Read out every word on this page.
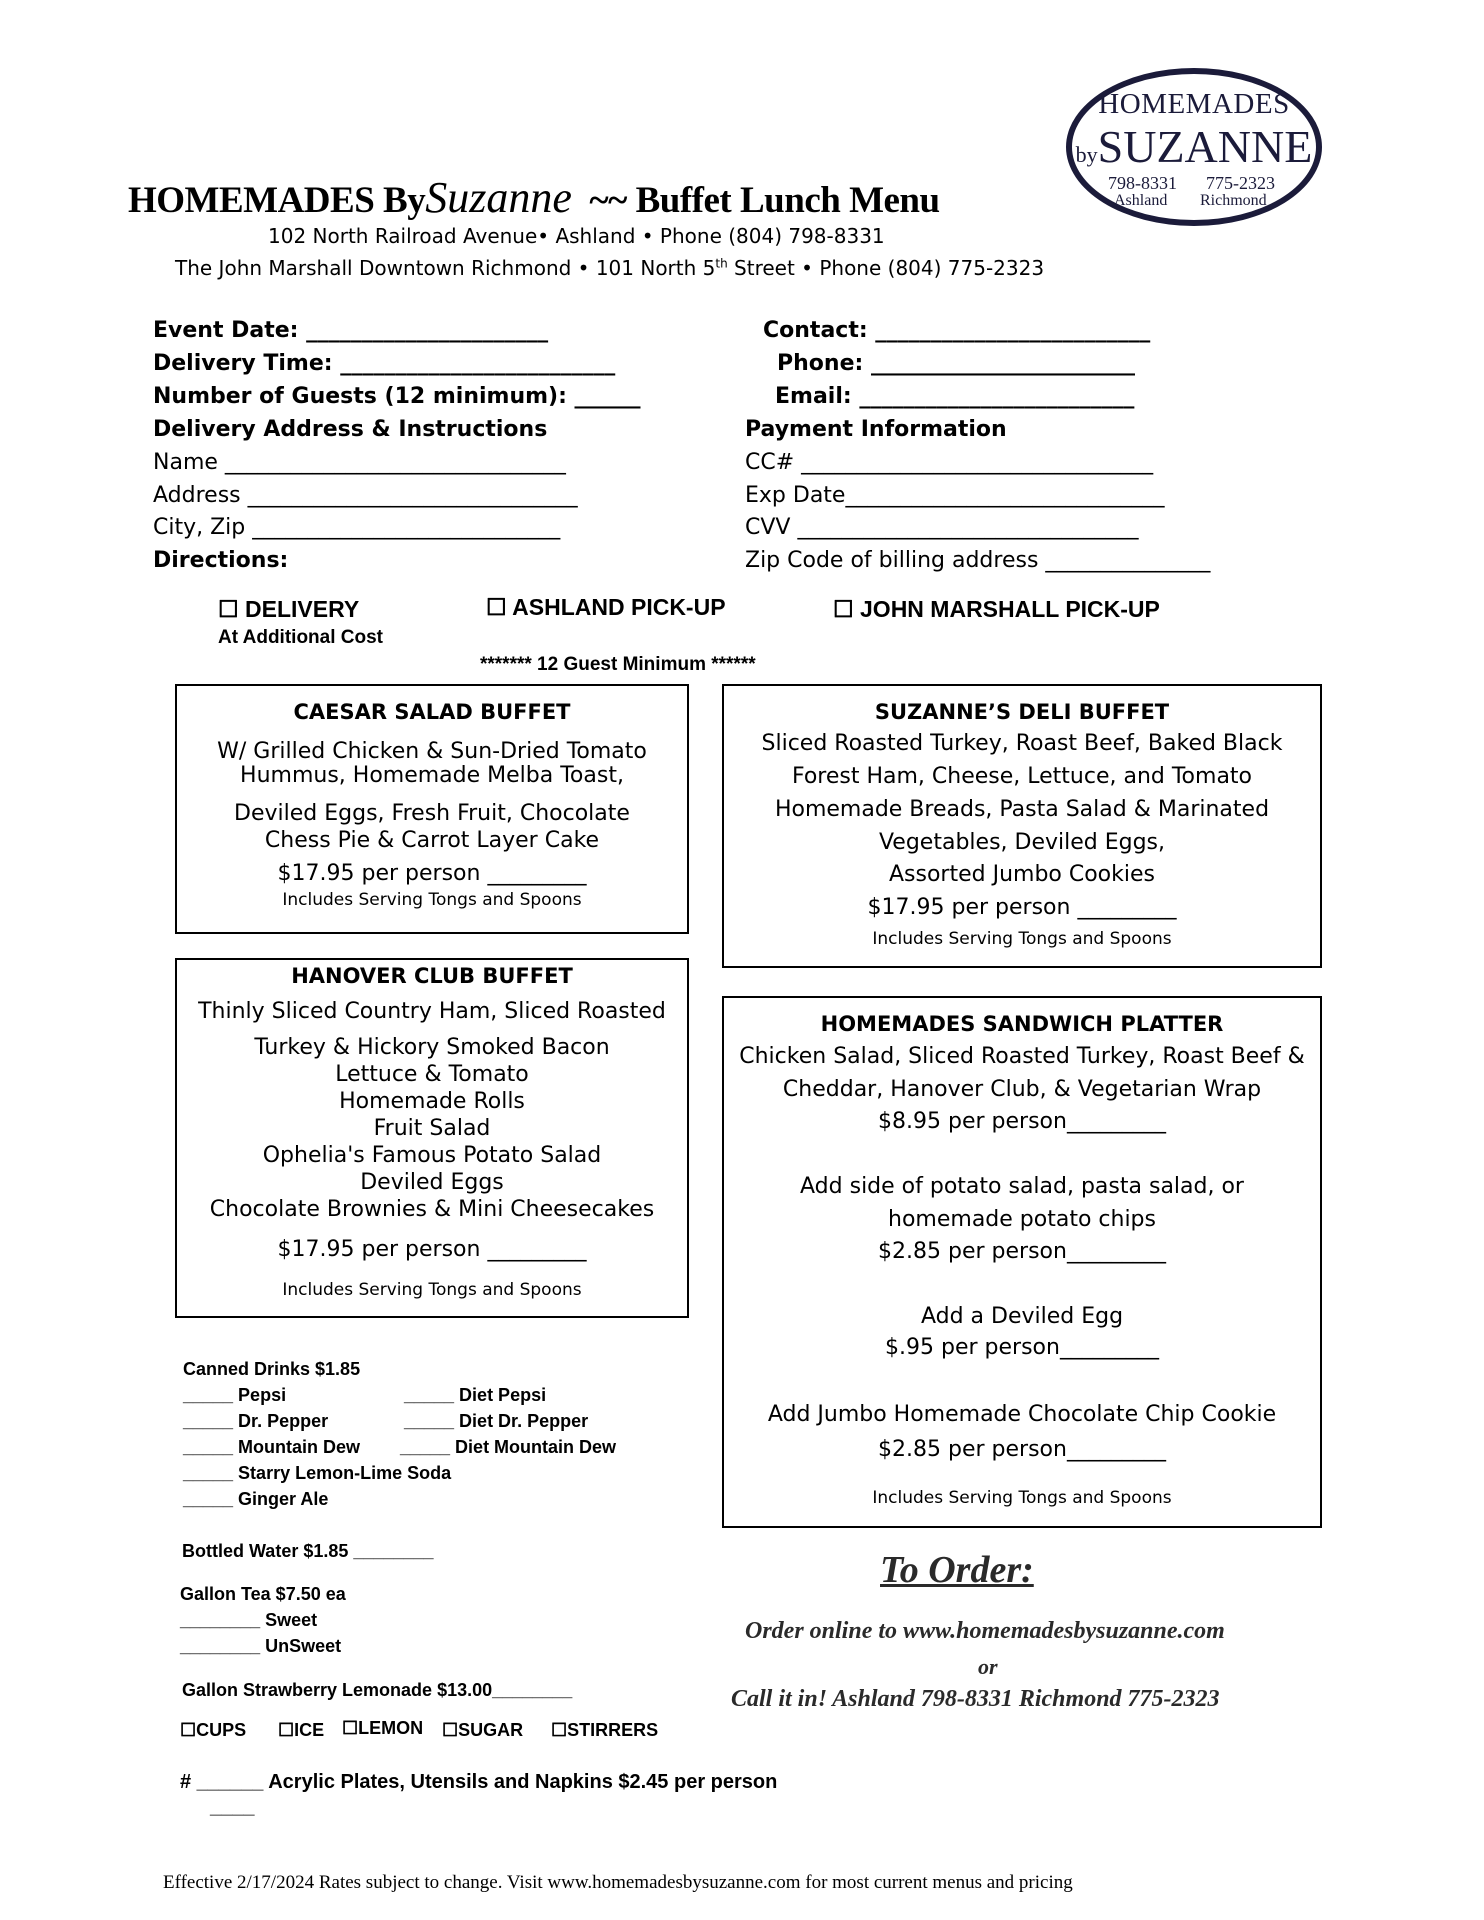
HOMEMADES BySuzanne ~~ Buffet Lunch Menu
102 North Railroad Avenue• Ashland • Phone (804) 798-8331
The John Marshall Downtown Richmond • 101 North 5th Street • Phone (804) 775-2323
HOMEMADES
bySUZANNE
798-8331 775-2323
Ashland Richmond
Event Date: ______________________
Delivery Time: _________________________
Number of Guests (12 minimum): ______
Delivery Address & Instructions
Name _______________________________
Address ______________________________
City, Zip ____________________________
Directions:
Contact: _________________________
Phone: ________________________
Email: _________________________
Payment Information
CC# ________________________________
Exp Date_____________________________
CVV _______________________________
Zip Code of billing address _______________
☐ DELIVERY
At Additional Cost
☐ ASHLAND PICK-UP	☐ JOHN MARSHALL PICK-UP
******* 12 Guest Minimum ******
CAESAR SALAD BUFFET
W/ Grilled Chicken & Sun-Dried Tomato
Hummus, Homemade Melba Toast,
Deviled Eggs, Fresh Fruit, Chocolate
Chess Pie & Carrot Layer Cake
$17.95 per person _________
Includes Serving Tongs and Spoons
SUZANNE’S DELI BUFFET
Sliced Roasted Turkey, Roast Beef, Baked Black
Forest Ham, Cheese, Lettuce, and Tomato
Homemade Breads, Pasta Salad & Marinated
Vegetables, Deviled Eggs,
Assorted Jumbo Cookies
$17.95 per person _________
Includes Serving Tongs and Spoons
HANOVER CLUB BUFFET
Thinly Sliced Country Ham, Sliced Roasted
Turkey & Hickory Smoked Bacon
Lettuce & Tomato
Homemade Rolls
Fruit Salad
Ophelia's Famous Potato Salad
Deviled Eggs
Chocolate Brownies & Mini Cheesecakes
$17.95 per person _________
Includes Serving Tongs and Spoons
HOMEMADES SANDWICH PLATTER
Chicken Salad, Sliced Roasted Turkey, Roast Beef &
Cheddar, Hanover Club, & Vegetarian Wrap
$8.95 per person_________
Add side of potato salad, pasta salad, or
homemade potato chips
$2.85 per person_________
Add a Deviled Egg
$.95 per person_________
Add Jumbo Homemade Chocolate Chip Cookie
$2.85 per person_________
Includes Serving Tongs and Spoons
Canned Drinks $1.85
_____ Pepsi	_____ Diet Pepsi
_____ Dr. Pepper	_____ Diet Dr. Pepper
_____ Mountain Dew _____ Diet Mountain Dew
_____ Starry Lemon-Lime Soda
_____ Ginger Ale
Bottled Water $1.85 ________
Gallon Tea $7.50 ea
________ Sweet
________ UnSweet
Gallon Strawberry Lemonade $13.00________
☐CUPS ☐ICE ☐LEMON ☐SUGAR ☐STIRRERS
# ______ Acrylic Plates, Utensils and Napkins $2.45 per person
____
To Order:
Order online to www.homemadesbysuzanne.com
or
Call it in! Ashland 798-8331 Richmond 775-2323
Effective 2/17/2024 Rates subject to change. Visit www.homemadesbysuzanne.com for most current menus and pricing
